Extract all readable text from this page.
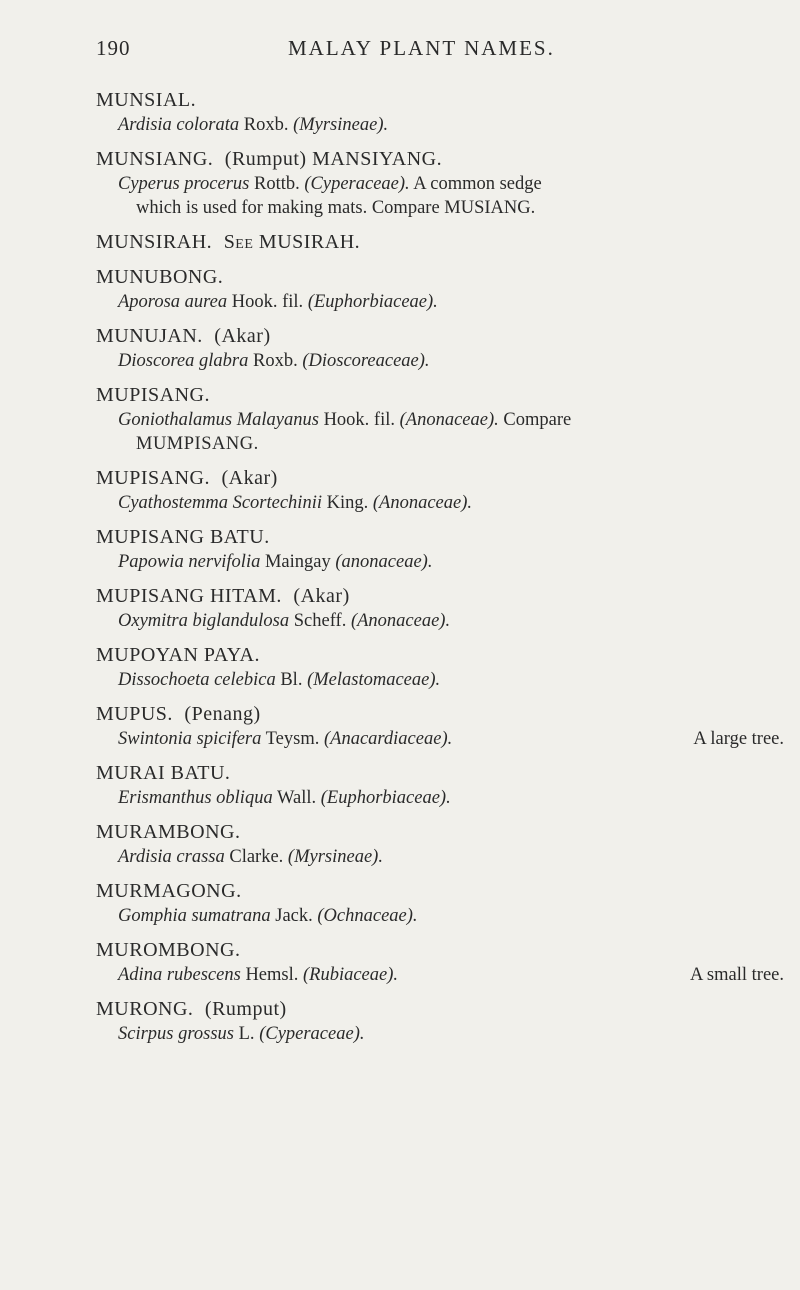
190	MALAY PLANT NAMES.
MUNSIAL.
Ardisia colorata Roxb. (Myrsineae).
MUNSIANG. (Rumput) MANSIYANG.
Cyperus procerus Rottb. (Cyperaceae). A common sedge
which is used for making mats. Compare MUSIANG.
MUNSIRAH. See MUSIRAH.
MUNUBONG.
Aporosa aurea Hook. fil. (Euphorbiaceae).
MUNUJAN. (Akar)
Dioscorea glabra Roxb. (Dioscoreaceae).
MUPISANG.
Goniothalamus Malayanus Hook. fil. (Anonaceae). Compare
MUMPISANG.
MUPISANG. (Akar)
Cyathostemma Scortechinii King. (Anonaceae).
MUPISANG BATU.
Papowia nervifolia Maingay (anonaceae).
MUPISANG HITAM. (Akar)
Oxymitra biglandulosa Scheff. (Anonaceae).
MUPOYAN PAYA.
Dissochoeta celebica Bl. (Melastomaceae).
MUPUS. (Penang)
Swintonia spicifera Teysm. (Anacardiaceae).	A large tree.
MURAI BATU.
Erismanthus obliqua Wall. (Euphorbiaceae).
MURAMBONG.
Ardisia crassa Clarke. (Myrsineae).
MURMAGONG.
Gomphia sumatrana Jack. (Ochnaceae).
MUROMBONG.
Adina rubescens Hemsl. (Rubiaceae).	A small tree.
MURONG. (Rumput)
Scirpus grossus L. (Cyperaceae).
